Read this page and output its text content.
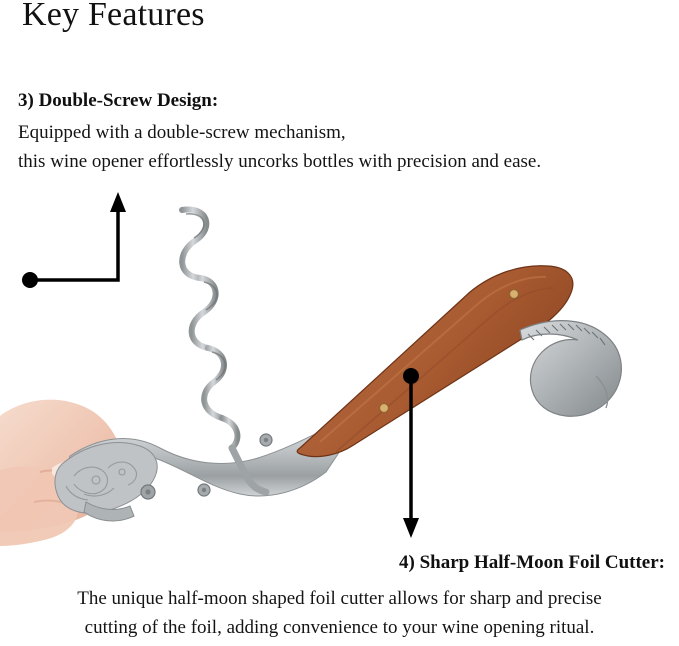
Key Features
3) Double-Screw Design:
Equipped with a double-screw mechanism,
this wine opener effortlessly uncorks bottles with precision and ease.
4) Sharp Half-Moon Foil Cutter:
The unique half-moon shaped foil cutter allows for sharp and precise
cutting of the foil, adding convenience to your wine opening ritual.
